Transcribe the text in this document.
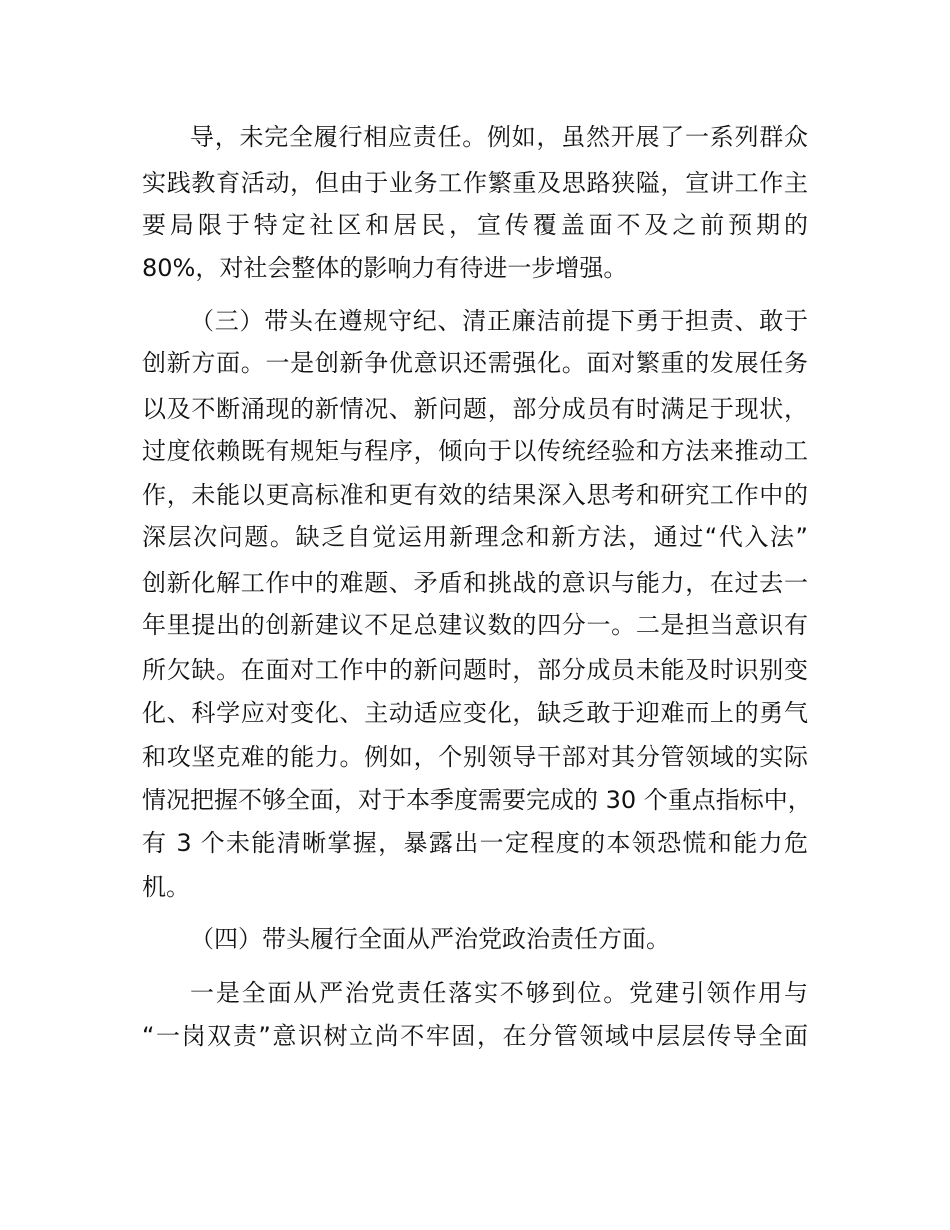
导，未完全履行相应责任。例如，虽然开展了一系列群众
实践教育活动，但由于业务工作繁重及思路狭隘，宣讲工作主
要局限于特定社区和居民，宣传覆盖面不及之前预期的
80%，对社会整体的影响力有待进一步增强。
（三）带头在遵规守纪、清正廉洁前提下勇于担责、敢于
创新方面。一是创新争优意识还需强化。面对繁重的发展任务
以及不断涌现的新情况、新问题，部分成员有时满足于现状，
过度依赖既有规矩与程序，倾向于以传统经验和方法来推动工
作，未能以更高标准和更有效的结果深入思考和研究工作中的
深层次问题。缺乏自觉运用新理念和新方法，通过“代入法”
创新化解工作中的难题、矛盾和挑战的意识与能力，在过去一
年里提出的创新建议不足总建议数的四分一。二是担当意识有
所欠缺。在面对工作中的新问题时，部分成员未能及时识别变
化、科学应对变化、主动适应变化，缺乏敢于迎难而上的勇气
和攻坚克难的能力。例如，个别领导干部对其分管领域的实际
情况把握不够全面，对于本季度需要完成的 30 个重点指标中，
有 3 个未能清晰掌握，暴露出一定程度的本领恐慌和能力危
机。
（四）带头履行全面从严治党政治责任方面。
一是全面从严治党责任落实不够到位。党建引领作用与
“一岗双责”意识树立尚不牢固，在分管领域中层层传导全面
